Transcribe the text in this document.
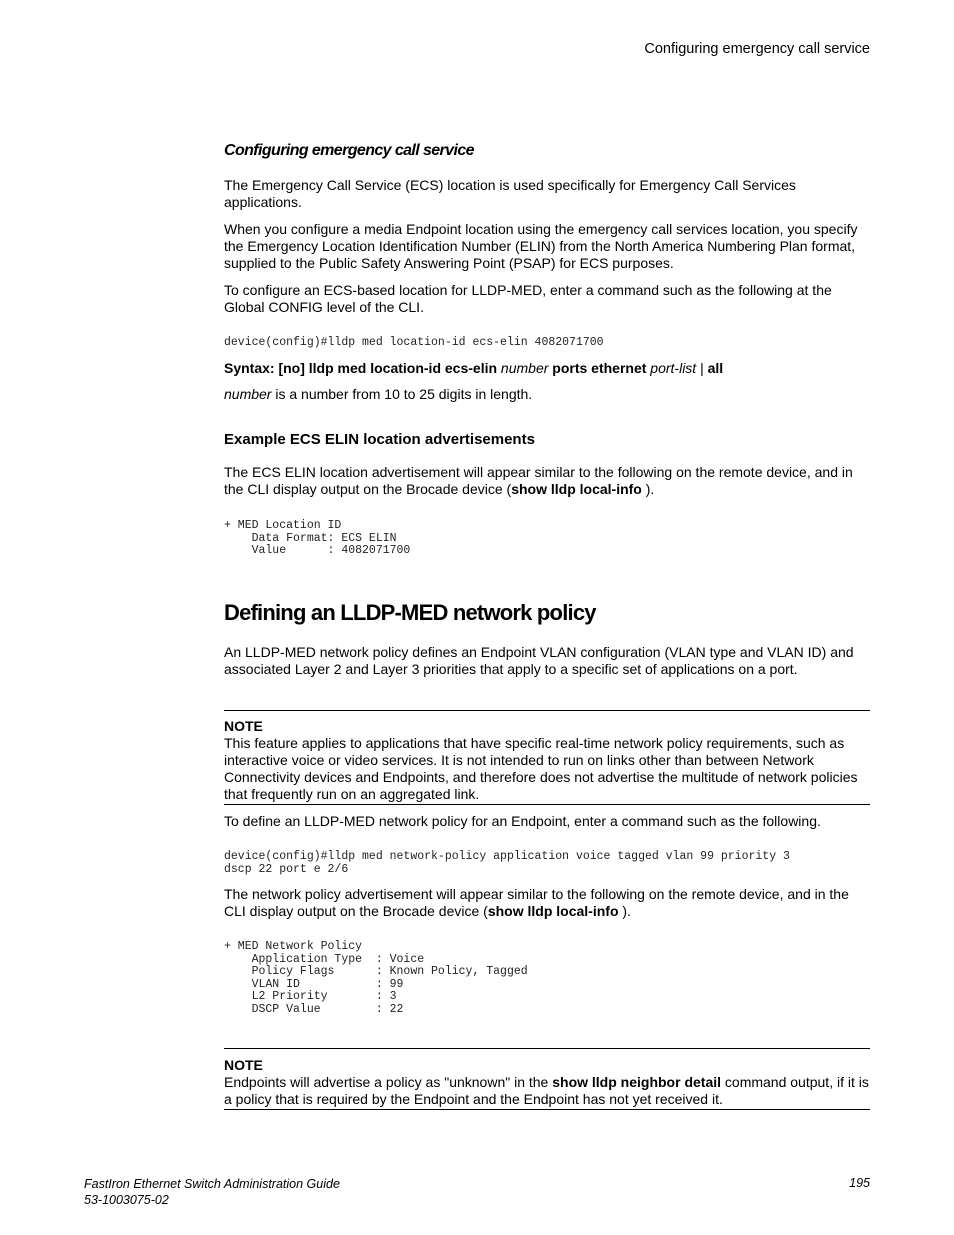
Configuring emergency call service
Configuring emergency call service

The Emergency Call Service (ECS) location is used specifically for Emergency Call Services applications.

When you configure a media Endpoint location using the emergency call services location, you specify the Emergency Location Identification Number (ELIN) from the North America Numbering Plan format, supplied to the Public Safety Answering Point (PSAP) for ECS purposes.

To configure an ECS-based location for LLDP-MED, enter a command such as the following at the Global CONFIG level of the CLI.

device(config)#lldp med location-id ecs-elin 4082071700

Syntax: [no] lldp med location-id ecs-elin number ports ethernet port-list | all

number is a number from 10 to 25 digits in length.

Example ECS ELIN location advertisements

The ECS ELIN location advertisement will appear similar to the following on the remote device, and in the CLI display output on the Brocade device (show lldp local-info ).

+ MED Location ID
Data Format: ECS ELIN
Value      : 4082071700
Defining an LLDP-MED network policy

An LLDP-MED network policy defines an Endpoint VLAN configuration (VLAN type and VLAN ID) and associated Layer 2 and Layer 3 priorities that apply to a specific set of applications on a port.

NOTE

This feature applies to applications that have specific real-time network policy requirements, such as interactive voice or video services. It is not intended to run on links other than between Network Connectivity devices and Endpoints, and therefore does not advertise the multitude of network policies that frequently run on an aggregated link.

To define an LLDP-MED network policy for an Endpoint, enter a command such as the following.

device(config)#lldp med network-policy application voice tagged vlan 99 priority 3
dscp 22 port e 2/6

The network policy advertisement will appear similar to the following on the remote device, and in the CLI display output on the Brocade device (show lldp local-info ).

+ MED Network Policy
Application Type  : Voice
Policy Flags      : Known Policy, Tagged
VLAN ID           : 99
L2 Priority       : 3
DSCP Value        : 22
NOTE

Endpoints will advertise a policy as "unknown" in the show lldp neighbor detail command output, if it is a policy that is required by the Endpoint and the Endpoint has not yet received it.

FastIron Ethernet Switch Administration Guide
53-1003075-02
195
